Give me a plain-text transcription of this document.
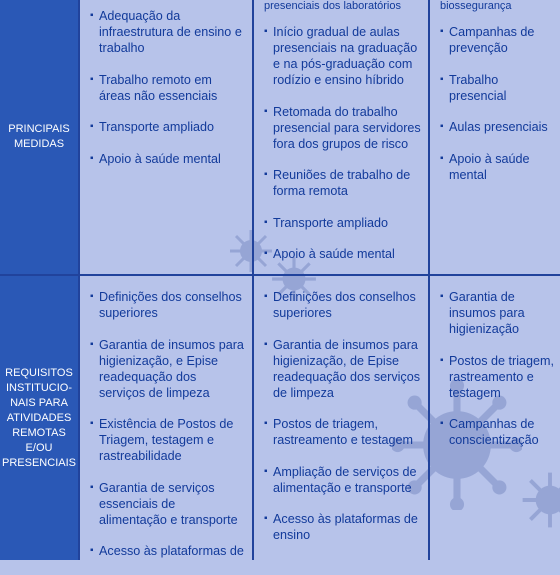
PRINCIPAIS
MEDIDAS
REQUISITOS
INSTITUCIO-
NAIS PARA
ATIVIDADES
REMOTAS
E/OU
PRESENCIAIS
▪ Adequação da infraestrutura de ensino e trabalho
▪ Trabalho remoto em áreas não essenciais
▪ Transporte ampliado
▪ Apoio à saúde mental
presenciais dos laboratórios
▪ Início gradual de aulas presenciais na graduação e na pós-graduação com rodízio e ensino híbrido
▪ Retomada do trabalho presencial para servidores fora dos grupos de risco
▪ Reuniões de trabalho de forma remota
▪ Transporte ampliado
▪ Apoio à saúde mental
biossegurança
▪ Campanhas de prevenção
▪ Trabalho presencial
▪ Aulas presenciais
▪ Apoio à saúde mental
▪ Definições dos conselhos superiores
▪ Garantia de insumos para higienização, e Epise readequação dos serviços de limpeza
▪ Existência de Postos de Triagem, testagem e rastreabilidade
▪ Garantia de serviços essenciais de alimentação e transporte
▪ Acesso às plataformas de
▪ Definições dos conselhos superiores
▪ Garantia de insumos para higienização, de Epise readequação dos serviços de limpeza
▪ Postos de triagem, rastreamento e testagem
▪ Ampliação de serviços de alimentação e transporte
▪ Acesso às plataformas de ensino
▪ Garantia de insumos para higienização
▪ Postos de triagem, rastreamento e testagem
▪ Campanhas de conscientização
